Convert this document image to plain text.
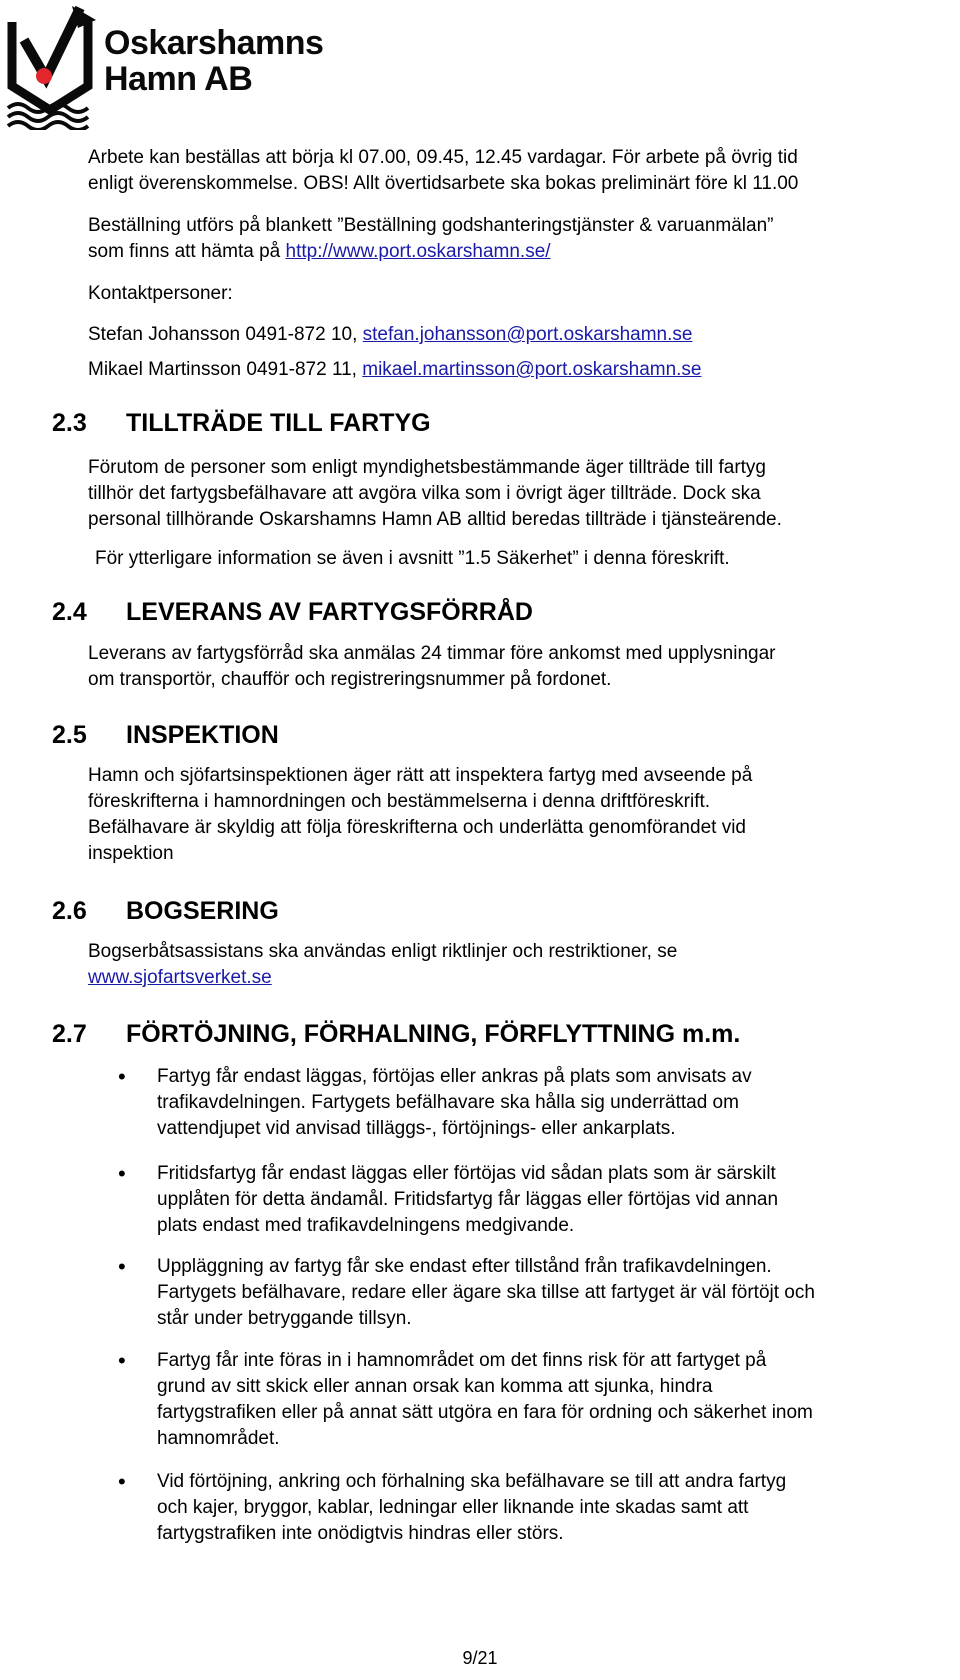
Oskarshamns
Hamn AB
Arbete kan beställas att börja kl 07.00, 09.45, 12.45 vardagar. För arbete på övrig tid
enligt överenskommelse. OBS! Allt övertidsarbete ska bokas preliminärt före kl 11.00
Beställning utförs på blankett ”Beställning godshanteringstjänster & varuanmälan”
som finns att hämta på http://www.port.oskarshamn.se/
Kontaktpersoner:
Stefan Johansson 0491-872 10, stefan.johansson@port.oskarshamn.se
Mikael Martinsson 0491-872 11, mikael.martinsson@port.oskarshamn.se
2.3 TILLTRÄDE TILL FARTYG
Förutom de personer som enligt myndighetsbestämmande äger tillträde till fartyg
tillhör det fartygsbefälhavare att avgöra vilka som i övrigt äger tillträde. Dock ska
personal tillhörande Oskarshamns Hamn AB alltid beredas tillträde i tjänsteärende.
För ytterligare information se även i avsnitt ”1.5 Säkerhet” i denna föreskrift.
2.4 LEVERANS AV FARTYGSFÖRRÅD
Leverans av fartygsförråd ska anmälas 24 timmar före ankomst med upplysningar
om transportör, chaufför och registreringsnummer på fordonet.
2.5 INSPEKTION
Hamn och sjöfartsinspektionen äger rätt att inspektera fartyg med avseende på
föreskrifterna i hamnordningen och bestämmelserna i denna driftföreskrift.
Befälhavare är skyldig att följa föreskrifterna och underlätta genomförandet vid
inspektion
2.6 BOGSERING
Bogserbåtsassistans ska användas enligt riktlinjer och restriktioner, se
www.sjofartsverket.se
2.7 FÖRTÖJNING, FÖRHALNING, FÖRFLYTTNING m.m.
• Fartyg får endast läggas, förtöjas eller ankras på plats som anvisats av
trafikavdelningen. Fartygets befälhavare ska hålla sig underrättad om
vattendjupet vid anvisad tilläggs-, förtöjnings- eller ankarplats.
• Fritidsfartyg får endast läggas eller förtöjas vid sådan plats som är särskilt
upplåten för detta ändamål. Fritidsfartyg får läggas eller förtöjas vid annan
plats endast med trafikavdelningens medgivande.
• Uppläggning av fartyg får ske endast efter tillstånd från trafikavdelningen.
Fartygets befälhavare, redare eller ägare ska tillse att fartyget är väl förtöjt och
står under betryggande tillsyn.
• Fartyg får inte föras in i hamnområdet om det finns risk för att fartyget på
grund av sitt skick eller annan orsak kan komma att sjunka, hindra
fartygstrafiken eller på annat sätt utgöra en fara för ordning och säkerhet inom
hamnområdet.
• Vid förtöjning, ankring och förhalning ska befälhavare se till att andra fartyg
och kajer, bryggor, kablar, ledningar eller liknande inte skadas samt att
fartygstrafiken inte onödigtvis hindras eller störs.
9/21
